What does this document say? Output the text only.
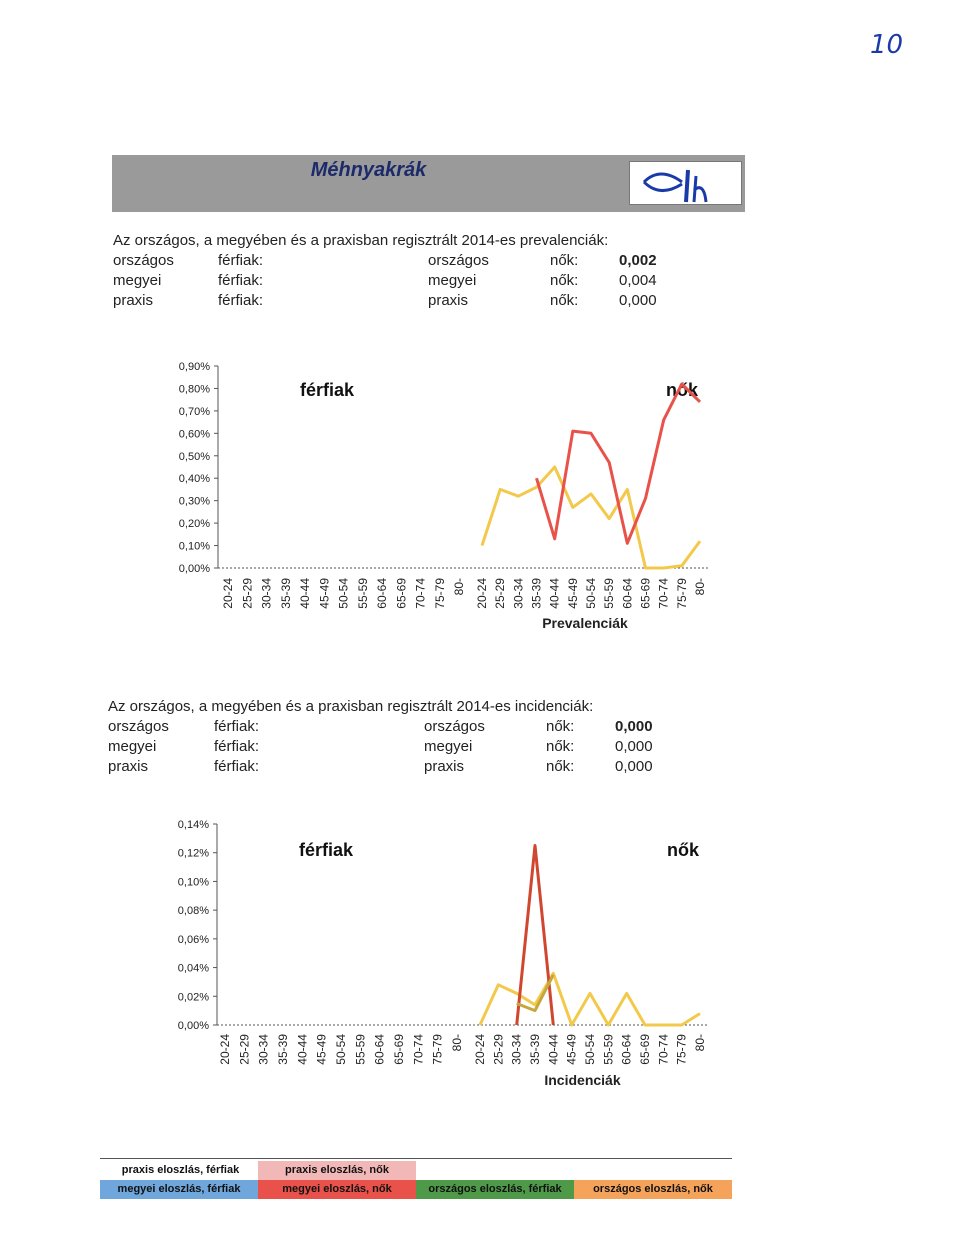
10
Méhnyakrák
Az országos, a megyében és a praxisban regisztrált 2014-es prevalenciák:
országos	férfiak:	országos	nők:	0,002
megyei	férfiak:	megyei	nők:	0,004
praxis	férfiak:	praxis	nők:	0,000
Az országos, a megyében és a praxisban regisztrált 2014-es incidenciák:
országos	férfiak:	országos	nők:	0,000
megyei	férfiak:	megyei	nők:	0,000
praxis	férfiak:	praxis	nők:	0,000
0,00%
0,10%
0,20%
0,30%
0,40%
0,50%
0,60%
0,70%
0,80%
0,90%
20-24 25-29 30-34 35-39 40-44 45-49 50-54 55-59 60-64 65-69 70-74 75-79 80- 20-24 25-29 30-34 35-39 40-44 45-49 50-54 55-59 60-64 65-69 70-74 75-79 80-
férfiak	nők
Prevalenciák
0,00%
0,02%
0,04%
0,06%
0,08%
0,10%
0,12%
0,14%
20-24 25-29 30-34 35-39 40-44 45-49 50-54 55-59 60-64 65-69 70-74 75-79 80- 20-24 25-29 30-34 35-39 40-44 45-49 50-54 55-59 60-64 65-69 70-74 75-79 80-
férfiak	nők
Incidenciák
praxis eloszlás, férfiak	praxis eloszlás, nők
megyei eloszlás, férfiak	megyei eloszlás, nők	országos eloszlás, férfiak	országos eloszlás, nők
